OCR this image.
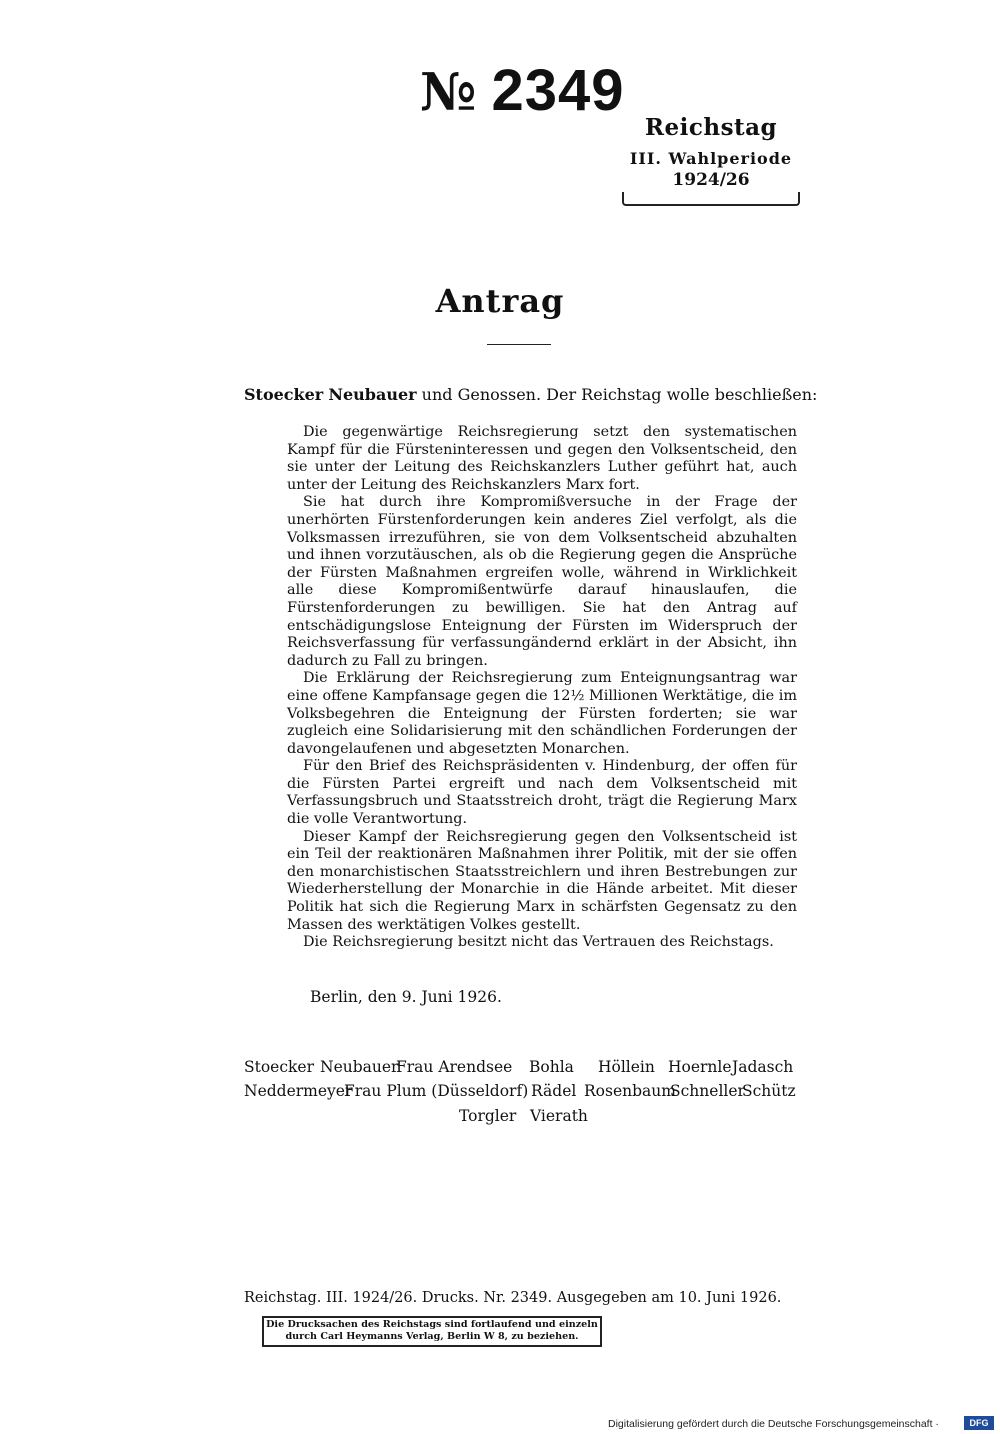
№ 2349
Reichstag
III. Wahlperiode
1924/26
Antrag
Stoecker Neubauer und Genossen. Der Reichstag wolle beschließen:

Die gegenwärtige Reichsregierung setzt den systematischen Kampf für die Fürsteninteressen und gegen den Volksentscheid, den sie unter der Leitung des Reichskanzlers Luther geführt hat, auch unter der Leitung des Reichskanzlers Marx fort.

Sie hat durch ihre Kompromißversuche in der Frage der unerhörten Fürstenforderungen kein anderes Ziel verfolgt, als die Volksmassen irrezuführen, sie von dem Volksentscheid abzuhalten und ihnen vorzutäuschen, als ob die Regierung gegen die Ansprüche der Fürsten Maßnahmen ergreifen wolle, während in Wirklichkeit alle diese Kompromißentwürfe darauf hinauslaufen, die Fürstenforderungen zu bewilligen. Sie hat den Antrag auf entschädigungslose Enteignung der Fürsten im Widerspruch der Reichsverfassung für verfassungändernd erklärt in der Absicht, ihn dadurch zu Fall zu bringen.

Die Erklärung der Reichsregierung zum Enteignungsantrag war eine offene Kampfansage gegen die 12½ Millionen Werktätige, die im Volksbegehren die Enteignung der Fürsten forderten; sie war zugleich eine Solidarisierung mit den schändlichen Forderungen der davongelaufenen und abgesetzten Monarchen.

Für den Brief des Reichspräsidenten v. Hindenburg, der offen für die Fürsten Partei ergreift und nach dem Volksentscheid mit Verfassungsbruch und Staatsstreich droht, trägt die Regierung Marx die volle Verantwortung.

Dieser Kampf der Reichsregierung gegen den Volksentscheid ist ein Teil der reaktionären Maßnahmen ihrer Politik, mit der sie offen den monarchistischen Staatsstreichlern und ihren Bestrebungen zur Wiederherstellung der Monarchie in die Hände arbeitet. Mit dieser Politik hat sich die Regierung Marx in schärfsten Gegensatz zu den Massen des werktätigen Volkes gestellt.

Die Reichsregierung besitzt nicht das Vertrauen des Reichstags.

Berlin, den 9. Juni 1926.
Stoecker Neubauer
Frau Arendsee Bohla Höllein Hoernle Jadasch
Neddermeyer
Frau Plum (Düsseldorf) Rädel Rosenbaum
Schneller
Schütz
Torgler Vierath
Reichstag. III. 1924/26. Drucks. Nr. 2349. Ausgegeben am 10. Juni 1926.
Die Drucksachen des Reichstags sind fortlaufend und einzeln
durch Carl Heymanns Verlag, Berlin W 8, zu beziehen.
Digitalisierung gefördert durch die Deutsche Forschungsgemeinschaft ·	DFG
